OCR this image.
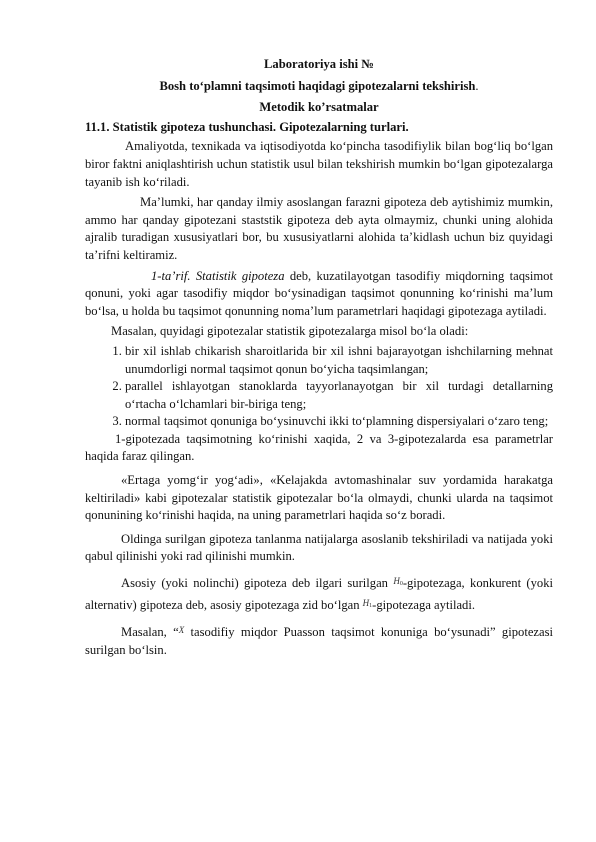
Laboratoriya ishi №
Bosh to‘plamni taqsimoti haqidagi gipotezalarni tekshirish.
Metodik ko’rsatmalar
11.1. Statistik gipoteza tushunchasi. Gipotezalarning turlari.

Amaliyotda, texnikada va iqtisodiyotda ko‘pincha tasodifiylik bilan bog‘liq bo‘lgan biror faktni aniqlashtirish uchun statistik usul bilan tekshirish mumkin bo‘lgan gipotezalarga tayanib ish ko‘riladi.

Ma’lumki, har qanday ilmiy asoslangan farazni gipoteza deb aytishimiz mumkin, ammo har qanday gipotezani staststik gipoteza deb ayta olmaymiz, chunki uning alohida ajralib turadigan xususiyatlari bor, bu xususiyatlarni alohida ta’kidlash uchun biz quyidagi ta’rifni keltiramiz.

1-ta’rif. Statistik gipoteza deb, kuzatilayotgan tasodifiy miqdorning taqsimot qonuni, yoki agar tasodifiy miqdor bo‘ysinadigan taqsimot qonunning ko‘rinishi ma’lum bo‘lsa, u holda bu taqsimot qonunning noma’lum parametrlari haqidagi gipotezaga aytiladi.

Masalan, quyidagi gipotezalar statistik gipotezalarga misol bo‘la oladi:

1. bir xil ishlab chikarish sharoitlarida bir xil ishni bajarayotgan ishchilarning mehnat unumdorligi normal taqsimot qonun bo‘yicha taqsimlangan;
2. parallel ishlayotgan stanoklarda tayyorlanayotgan bir xil turdagi detallarning o‘rtacha o‘lchamlari bir-biriga teng;
3. normal taqsimot qonuniga bo‘ysinuvchi ikki to‘plamning dispersiyalari o‘zaro teng;

1-gipotezada taqsimotning ko‘rinishi xaqida, 2 va 3-gipotezalarda esa parametrlar haqida faraz qilingan.

«Ertaga yomg‘ir yog‘adi», «Kelajakda avtomashinalar suv yordamida harakatga keltiriladi» kabi gipotezalar statistik gipotezalar bo‘la olmaydi, chunki ularda na taqsimot qonunining ko‘rinishi haqida, na uning parametrlari haqida so‘z boradi.

Oldinga surilgan gipoteza tanlanma natijalarga asoslanib tekshiriladi va natijada yoki qabul qilinishi yoki rad qilinishi mumkin.

Asosiy (yoki nolinchi) gipoteza deb ilgari surilgan $^{H0}$-gipotezaga, konkurent (yoki alternativ) gipoteza deb, asosiy gipotezaga zid bo‘lgan $^{H1}$-gipotezaga aytiladi.

Masalan, “$^X$ tasodifiy miqdor Puasson taqsimot konuniga bo‘ysunadi” gipotezasi surilgan bo‘lsin.
